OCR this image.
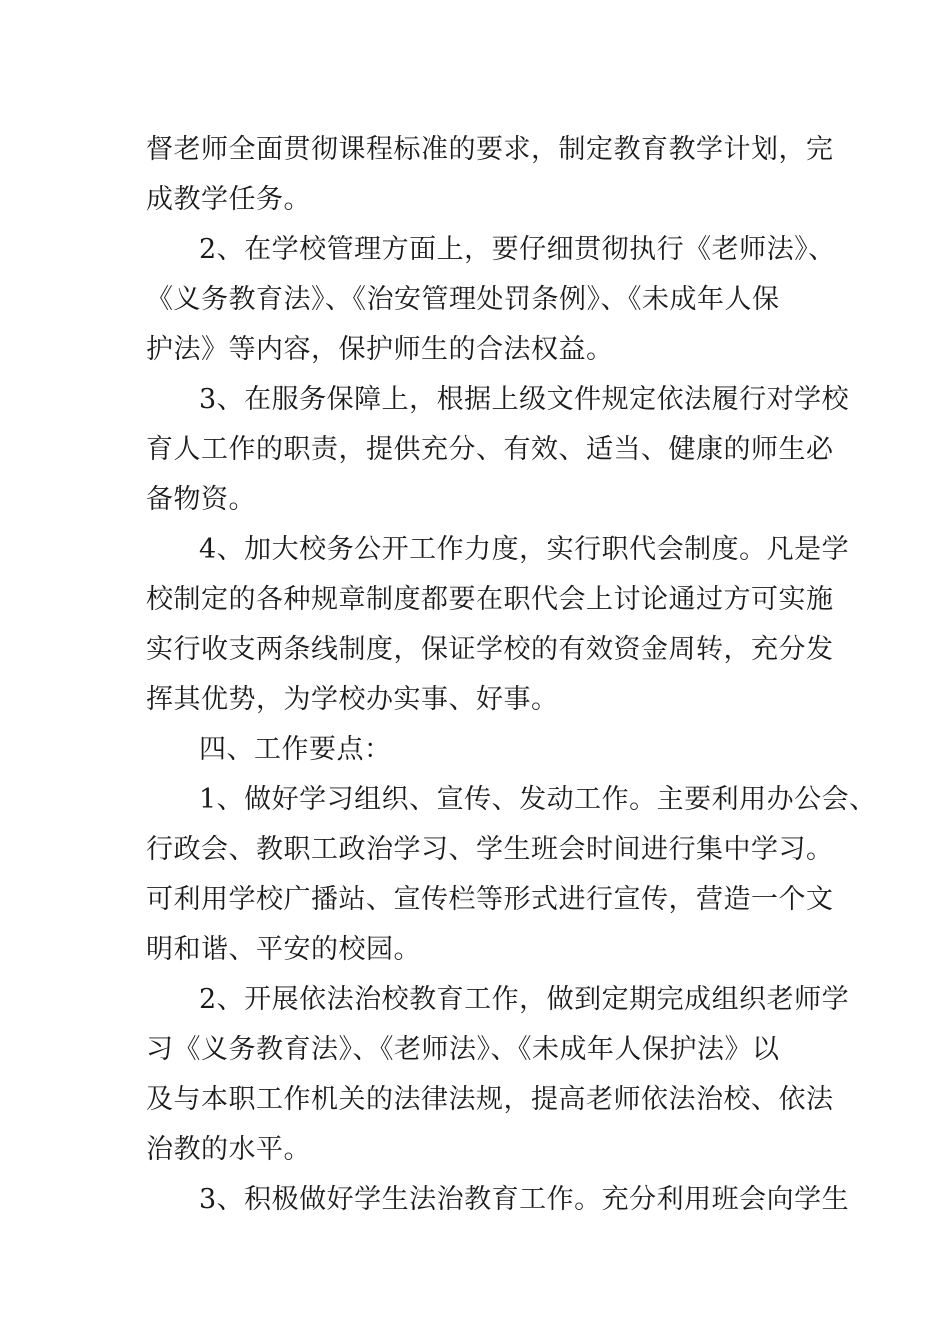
督老师全面贯彻课程标准的要求，制定教育教学计划，完
成教学任务。
2、在学校管理方面上，要仔细贯彻执行《老师法》、
《义务教育法》、《治安管理处罚条例》、《未成年人保
护法》等内容，保护师生的合法权益。
3、在服务保障上，根据上级文件规定依法履行对学校
育人工作的职责，提供充分、有效、适当、健康的师生必
备物资。
4、加大校务公开工作力度，实行职代会制度。凡是学
校制定的各种规章制度都要在职代会上讨论通过方可实施
实行收支两条线制度，保证学校的有效资金周转，充分发
挥其优势，为学校办实事、好事。
四、工作要点：
1、做好学习组织、宣传、发动工作。主要利用办公会、
行政会、教职工政治学习、学生班会时间进行集中学习。
可利用学校广播站、宣传栏等形式进行宣传，营造一个文
明和谐、平安的校园。
2、开展依法治校教育工作，做到定期完成组织老师学
习《义务教育法》、《老师法》、《未成年人保护法》以
及与本职工作机关的法律法规，提高老师依法治校、依法
治教的水平。
3、积极做好学生法治教育工作。充分利用班会向学生
